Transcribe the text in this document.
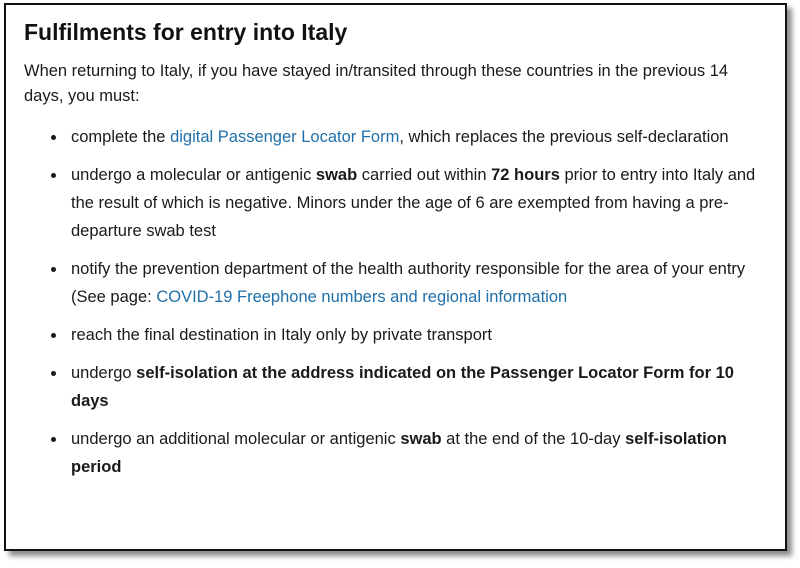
Fulfilments for entry into Italy

When returning to Italy, if you have stayed in/transited through these countries in the previous 14 days, you must:

complete the digital Passenger Locator Form, which replaces the previous self-declaration
undergo a molecular or antigenic swab carried out within 72 hours prior to entry into Italy and the result of which is negative. Minors under the age of 6 are exempted from having a pre-departure swab test
notify the prevention department of the health authority responsible for the area of your entry (See page: COVID-19 Freephone numbers and regional information
reach the final destination in Italy only by private transport
undergo self-isolation at the address indicated on the Passenger Locator Form for 10 days
undergo an additional molecular or antigenic swab at the end of the 10-day self-isolation period
